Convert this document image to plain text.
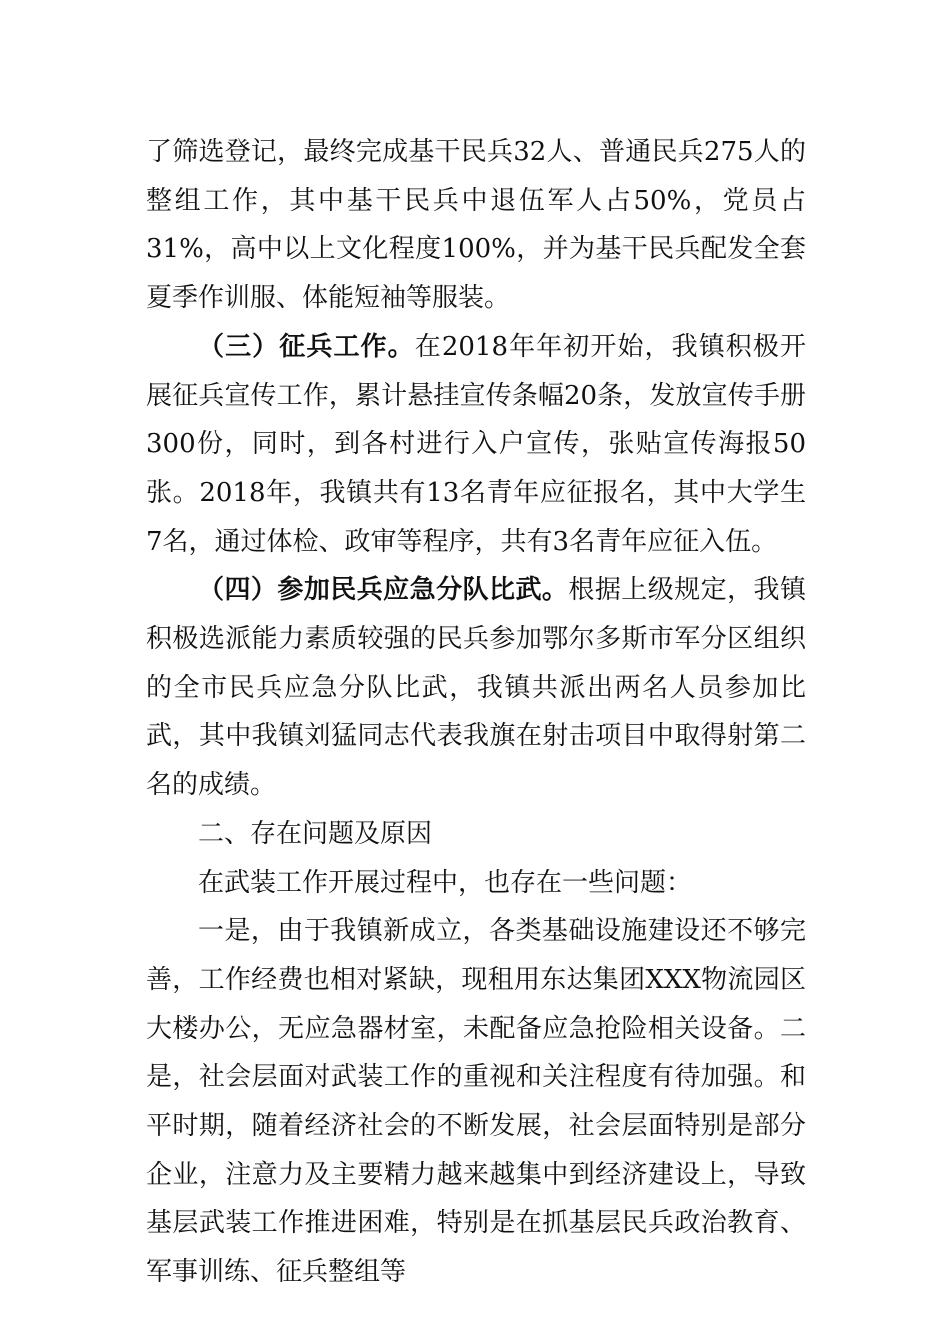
了筛选登记，最终完成基干民兵32人、普通民兵275人的整组工作，其中基干民兵中退伍军人占50%，党员占31%，高中以上文化程度100%，并为基干民兵配发全套夏季作训服、体能短袖等服装。

（三）征兵工作。在2018年年初开始，我镇积极开展征兵宣传工作，累计悬挂宣传条幅20条，发放宣传手册300份，同时，到各村进行入户宣传，张贴宣传海报50张。2018年，我镇共有13名青年应征报名，其中大学生7名，通过体检、政审等程序，共有3名青年应征入伍。

（四）参加民兵应急分队比武。根据上级规定，我镇积极选派能力素质较强的民兵参加鄂尔多斯市军分区组织的全市民兵应急分队比武，我镇共派出两名人员参加比武，其中我镇刘猛同志代表我旗在射击项目中取得射第二名的成绩。

二、存在问题及原因

在武装工作开展过程中，也存在一些问题：

一是，由于我镇新成立，各类基础设施建设还不够完善，工作经费也相对紧缺，现租用东达集团XXX物流园区大楼办公，无应急器材室，未配备应急抢险相关设备。二是，社会层面对武装工作的重视和关注程度有待加强。和平时期，随着经济社会的不断发展，社会层面特别是部分企业，注意力及主要精力越来越集中到经济建设上，导致基层武装工作推进困难，特别是在抓基层民兵政治教育、军事训练、征兵整组等
